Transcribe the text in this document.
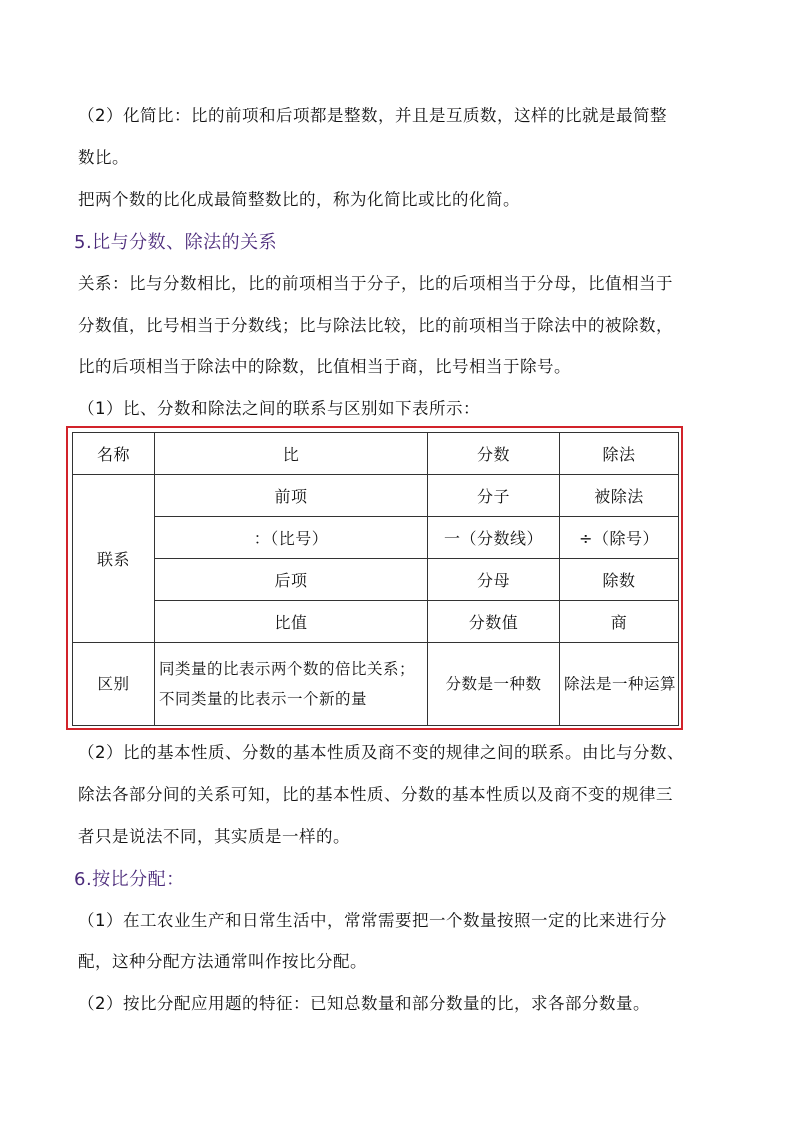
（2）化简比：比的前项和后项都是整数，并且是互质数，这样的比就是最简整
数比。
把两个数的比化成最简整数比的，称为化简比或比的化简。
5.比与分数、除法的关系
关系：比与分数相比，比的前项相当于分子，比的后项相当于分母，比值相当于
分数值，比号相当于分数线；比与除法比较，比的前项相当于除法中的被除数，
比的后项相当于除法中的除数，比值相当于商，比号相当于除号。
（1）比、分数和除法之间的联系与区别如下表所示：
名称	比	分数	除法
联系	前项	分子	被除法
	：（比号）	一（分数线）	÷（除号）
	后项	分母	除数
	比值	分数值	商
区别	同类量的比表示两个数的倍比关系；不同类量的比表示一个新的量	分数是一种数	除法是一种运算
（2）比的基本性质、分数的基本性质及商不变的规律之间的联系。由比与分数、
除法各部分间的关系可知，比的基本性质、分数的基本性质以及商不变的规律三
者只是说法不同，其实质是一样的。
6.按比分配：
（1）在工农业生产和日常生活中，常常需要把一个数量按照一定的比来进行分
配，这种分配方法通常叫作按比分配。
（2）按比分配应用题的特征：已知总数量和部分数量的比，求各部分数量。
